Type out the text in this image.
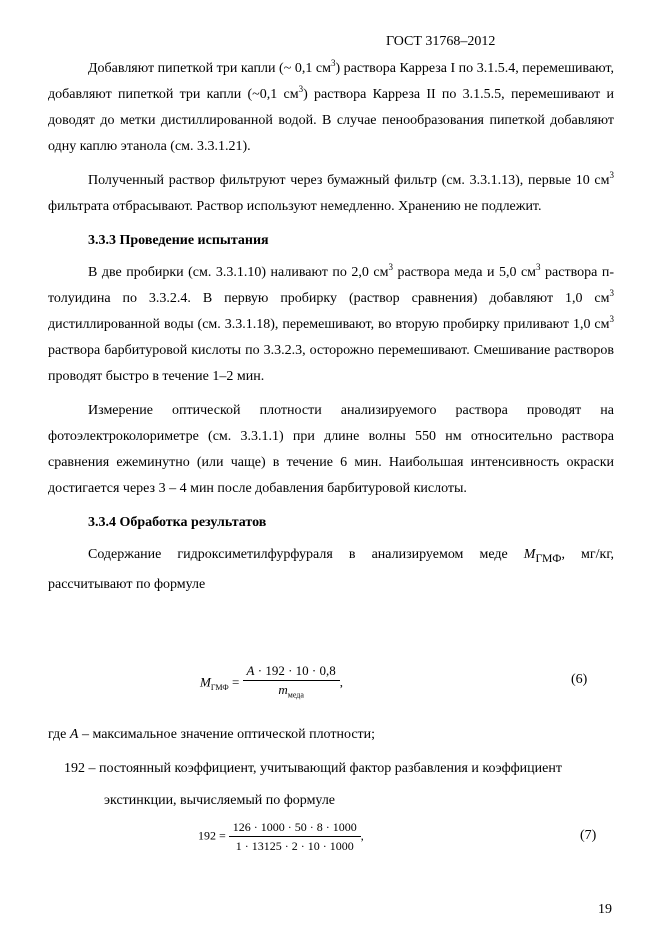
ГОСТ 31768–2012

Добавляют пипеткой три капли (~ 0,1 $см^3$) раствора Карреза I по 3.1.5.4, перемешивают, добавляют пипеткой три капли (~0,1 $см^3$) раствора Карреза II по 3.1.5.5, перемешивают и доводят до метки дистиллированной водой. В случае пенообразования пипеткой добавляют одну каплю этанола (см. 3.3.1.21).

Полученный раствор фильтруют через бумажный фильтр (см. 3.3.1.13), первые 10 $см^3$ фильтрата отбрасывают. Раствор используют немедленно. Хранению не подлежит.

3.3.3 Проведение испытания

В две пробирки (см. 3.3.1.10) наливают по 2,0 $см^3$ раствора меда и 5,0 $см^3$ раствора п-толуидина по 3.3.2.4. В первую пробирку (раствор сравнения) добавляют 1,0 $см^3$ дистиллированной воды (см. 3.3.1.18), перемешивают, во вторую пробирку приливают 1,0 $см^3$ раствора барбитуровой кислоты по 3.3.2.3, осторожно перемешивают. Смешивание растворов проводят быстро в течение 1–2 мин.

Измерение оптической плотности анализируемого раствора проводят на фотоэлектроколориметре (см. 3.3.1.1) при длине волны 550 нм относительно раствора сравнения ежеминутно (или чаще) в течение 6 мин. Наибольшая интенсивность окраски достигается через 3 – 4 мин после добавления барбитуровой кислоты.

3.3.4 Обработка результатов

Содержание гидроксиметилфурфураля в анализируемом меде $M_{ГМФ}$, мг/кг, рассчитывают по формуле

$M_{ГМФ} = \frac{A \cdot 192 \cdot 10 \cdot 0,8}{m_{меда}}$ ,	(6)
где A – максимальное значение оптической плотности;
192 – постоянный коэффициент, учитывающий фактор разбавления и коэффициент
экстинкции, вычисляемый по формуле
$192 = \frac{126 \cdot 1000 \cdot 50 \cdot 8 \cdot 1000}{1 \cdot 13125 \cdot 2 \cdot 10 \cdot 1000}$ ,	(7)
19
